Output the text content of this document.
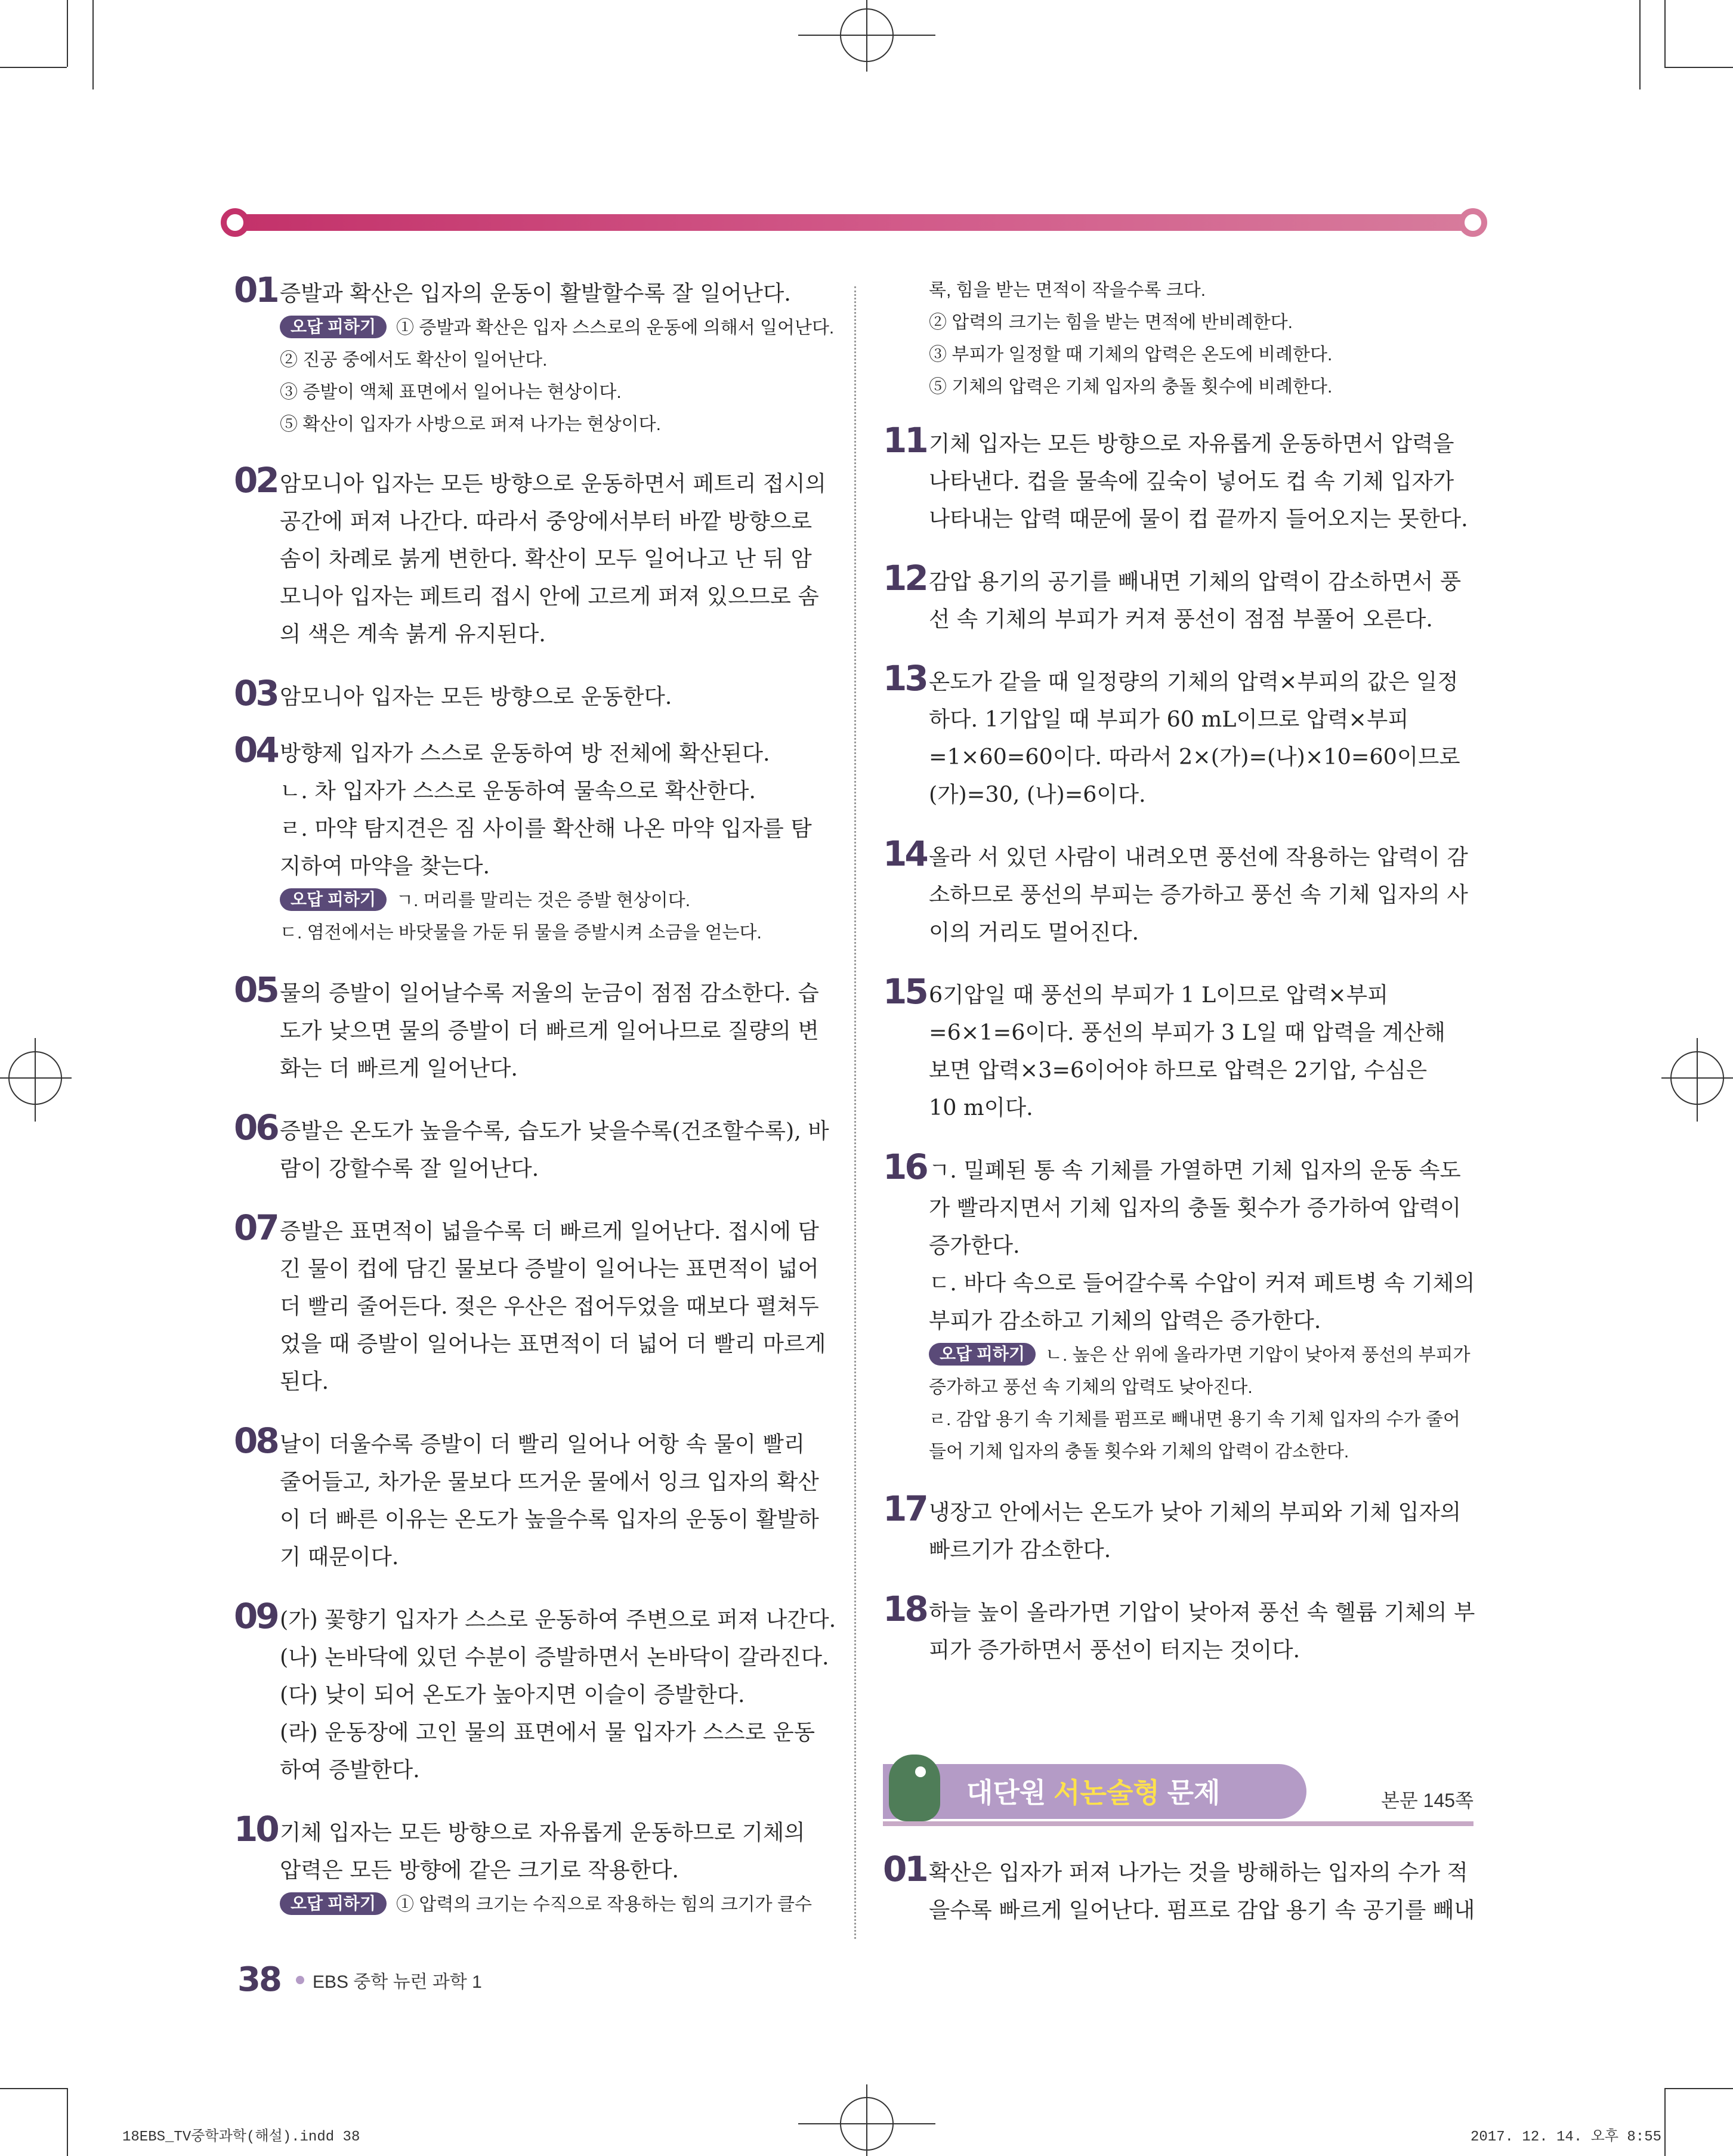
01 증발과 확산은 입자의 운동이 활발할수록 잘 일어난다.
오답 피하기 ① 증발과 확산은 입자 스스로의 운동에 의해서 일어난다.
② 진공 중에서도 확산이 일어난다.
③ 증발이 액체 표면에서 일어나는 현상이다.
⑤ 확산이 입자가 사방으로 퍼져 나가는 현상이다.
02 암모니아 입자는 모든 방향으로 운동하면서 페트리 접시의
공간에 퍼져 나간다. 따라서 중앙에서부터 바깥 방향으로
솜이 차례로 붉게 변한다. 확산이 모두 일어나고 난 뒤 암
모니아 입자는 페트리 접시 안에 고르게 퍼져 있으므로 솜
의 색은 계속 붉게 유지된다.
03 암모니아 입자는 모든 방향으로 운동한다.
04 방향제 입자가 스스로 운동하여 방 전체에 확산된다.
ㄴ. 차 입자가 스스로 운동하여 물속으로 확산한다.
ㄹ. 마약 탐지견은 짐 사이를 확산해 나온 마약 입자를 탐
지하여 마약을 찾는다.
오답 피하기 ㄱ. 머리를 말리는 것은 증발 현상이다.
ㄷ. 염전에서는 바닷물을 가둔 뒤 물을 증발시켜 소금을 얻는다.
05 물의 증발이 일어날수록 저울의 눈금이 점점 감소한다. 습
도가 낮으면 물의 증발이 더 빠르게 일어나므로 질량의 변
화는 더 빠르게 일어난다.
06 증발은 온도가 높을수록, 습도가 낮을수록(건조할수록), 바
람이 강할수록 잘 일어난다.
07 증발은 표면적이 넓을수록 더 빠르게 일어난다. 접시에 담
긴 물이 컵에 담긴 물보다 증발이 일어나는 표면적이 넓어
더 빨리 줄어든다. 젖은 우산은 접어두었을 때보다 펼쳐두
었을 때 증발이 일어나는 표면적이 더 넓어 더 빨리 마르게
된다.
08 날이 더울수록 증발이 더 빨리 일어나 어항 속 물이 빨리
줄어들고, 차가운 물보다 뜨거운 물에서 잉크 입자의 확산
이 더 빠른 이유는 온도가 높을수록 입자의 운동이 활발하
기 때문이다.
09 (가) 꽃향기 입자가 스스로 운동하여 주변으로 퍼져 나간다.
(나) 논바닥에 있던 수분이 증발하면서 논바닥이 갈라진다.
(다) 낮이 되어 온도가 높아지면 이슬이 증발한다.
(라) 운동장에 고인 물의 표면에서 물 입자가 스스로 운동
하여 증발한다.
10 기체 입자는 모든 방향으로 자유롭게 운동하므로 기체의
압력은 모든 방향에 같은 크기로 작용한다.
오답 피하기 ① 압력의 크기는 수직으로 작용하는 힘의 크기가 클수
록, 힘을 받는 면적이 작을수록 크다.
② 압력의 크기는 힘을 받는 면적에 반비례한다.
③ 부피가 일정할 때 기체의 압력은 온도에 비례한다.
⑤ 기체의 압력은 기체 입자의 충돌 횟수에 비례한다.
11 기체 입자는 모든 방향으로 자유롭게 운동하면서 압력을
나타낸다. 컵을 물속에 깊숙이 넣어도 컵 속 기체 입자가
나타내는 압력 때문에 물이 컵 끝까지 들어오지는 못한다.
12 감압 용기의 공기를 빼내면 기체의 압력이 감소하면서 풍
선 속 기체의 부피가 커져 풍선이 점점 부풀어 오른다.
13 온도가 같을 때 일정량의 기체의 압력×부피의 값은 일정
하다. 1기압일 때 부피가 60 mL이므로 압력×부피
=1×60=60이다. 따라서 2×(가)=(나)×10=60이므로
(가)=30, (나)=6이다.
14 올라 서 있던 사람이 내려오면 풍선에 작용하는 압력이 감
소하므로 풍선의 부피는 증가하고 풍선 속 기체 입자의 사
이의 거리도 멀어진다.
15 6기압일 때 풍선의 부피가 1 L이므로 압력×부피
=6×1=6이다. 풍선의 부피가 3 L일 때 압력을 계산해
보면 압력×3=6이어야 하므로 압력은 2기압, 수심은
10 m이다.
16 ㄱ. 밀폐된 통 속 기체를 가열하면 기체 입자의 운동 속도
가 빨라지면서 기체 입자의 충돌 횟수가 증가하여 압력이
증가한다.
ㄷ. 바다 속으로 들어갈수록 수압이 커져 페트병 속 기체의
부피가 감소하고 기체의 압력은 증가한다.
오답 피하기 ㄴ. 높은 산 위에 올라가면 기압이 낮아져 풍선의 부피가
증가하고 풍선 속 기체의 압력도 낮아진다.
ㄹ. 감압 용기 속 기체를 펌프로 빼내면 용기 속 기체 입자의 수가 줄어
들어 기체 입자의 충돌 횟수와 기체의 압력이 감소한다.
17 냉장고 안에서는 온도가 낮아 기체의 부피와 기체 입자의
빠르기가 감소한다.
18 하늘 높이 올라가면 기압이 낮아져 풍선 속 헬륨 기체의 부
피가 증가하면서 풍선이 터지는 것이다.
대단원 서논술형 문제	본문 145쪽
01 확산은 입자가 퍼져 나가는 것을 방해하는 입자의 수가 적
을수록 빠르게 일어난다. 펌프로 감압 용기 속 공기를 빼내
38 EBS 중학 뉴런 과학 1
18EBS_TV중학과학(해설).indd 38	2017. 12. 14. 오후 8:55
